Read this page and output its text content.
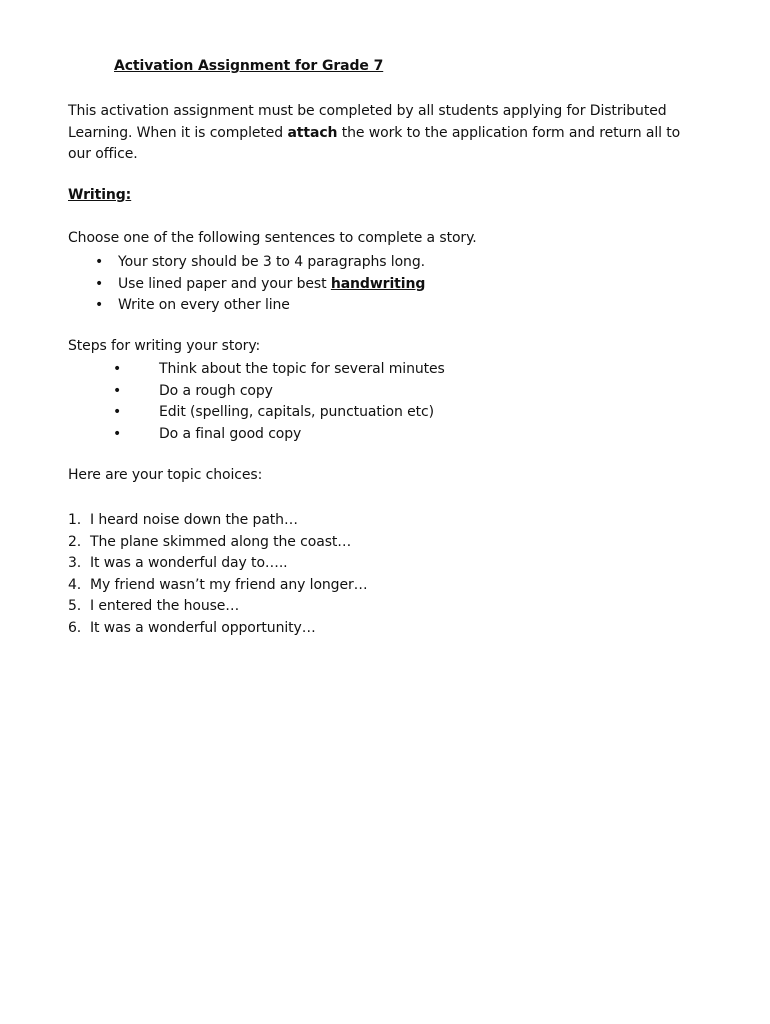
Activation Assignment for Grade 7
This activation assignment must be completed by all students applying for Distributed Learning. When it is completed attach the work to the application form and return all to our office.
Writing:
Choose one of the following sentences to complete a story.
• Your story should be 3 to 4 paragraphs long.
• Use lined paper and your best handwriting
• Write on every other line
Steps for writing your story:
•	Think about the topic for several minutes
•	Do a rough copy
•	Edit (spelling, capitals, punctuation etc)
•	Do a final good copy
Here are your topic choices:
1. I heard noise down the path…
2. The plane skimmed along the coast…
3. It was a wonderful day to…..
4. My friend wasn’t my friend any longer…
5. I entered the house…
6. It was a wonderful opportunity…
